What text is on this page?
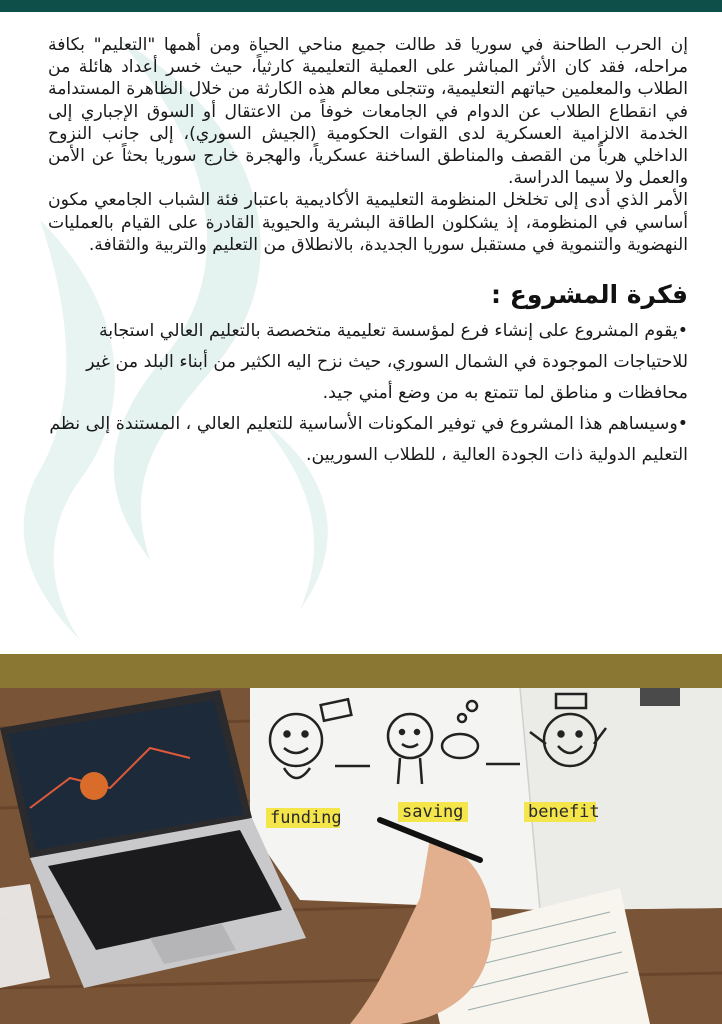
إن الحرب الطاحنة في سوريا قد طالت جميع مناحي الحياة ومن أهمها "التعليم" بكافة مراحله، فقد كان الأثر المباشر على العملية التعليمية كارثياً، حيث خسر أعداد هائلة من الطلاب والمعلمين حياتهم التعليمية، وتتجلى معالم هذه الكارثة من خلال الظاهرة المستدامة في انقطاع الطلاب عن الدوام في الجامعات خوفاً من الاعتقال أو السوق الإجباري إلى الخدمة الالزامية العسكرية لدى القوات الحكومية (الجيش السوري)، إلى جانب النزوح الداخلي هرباً من القصف والمناطق الساخنة عسكرياً، والهجرة خارج سوريا بحثاً عن الأمن والعمل ولا سيما الدراسة.

الأمر الذي أدى إلى تخلخل المنظومة التعليمية الأكاديمية باعتبار فئة الشباب الجامعي مكون أساسي في المنظومة، إذ يشكلون الطاقة البشرية والحيوية القادرة على القيام بالعمليات النهضوية والتنموية في مستقبل سوريا الجديدة، بالانطلاق من التعليم والتربية والثقافة.

فكرة المشروع :

•يقوم المشروع على إنشاء فرع لمؤسسة تعليمية متخصصة بالتعليم العالي استجابة للاحتياجات الموجودة في الشمال السوري، حيث نزح اليه الكثير من أبناء البلد من غير محافظات و مناطق لما تتمتع به من وضع أمني جيد.

•وسيساهم هذا المشروع في توفير المكونات الأساسية للتعليم العالي ، المستندة إلى نظم التعليم الدولية ذات الجودة العالية ، للطلاب السوريين.

funding	saving	benefit
